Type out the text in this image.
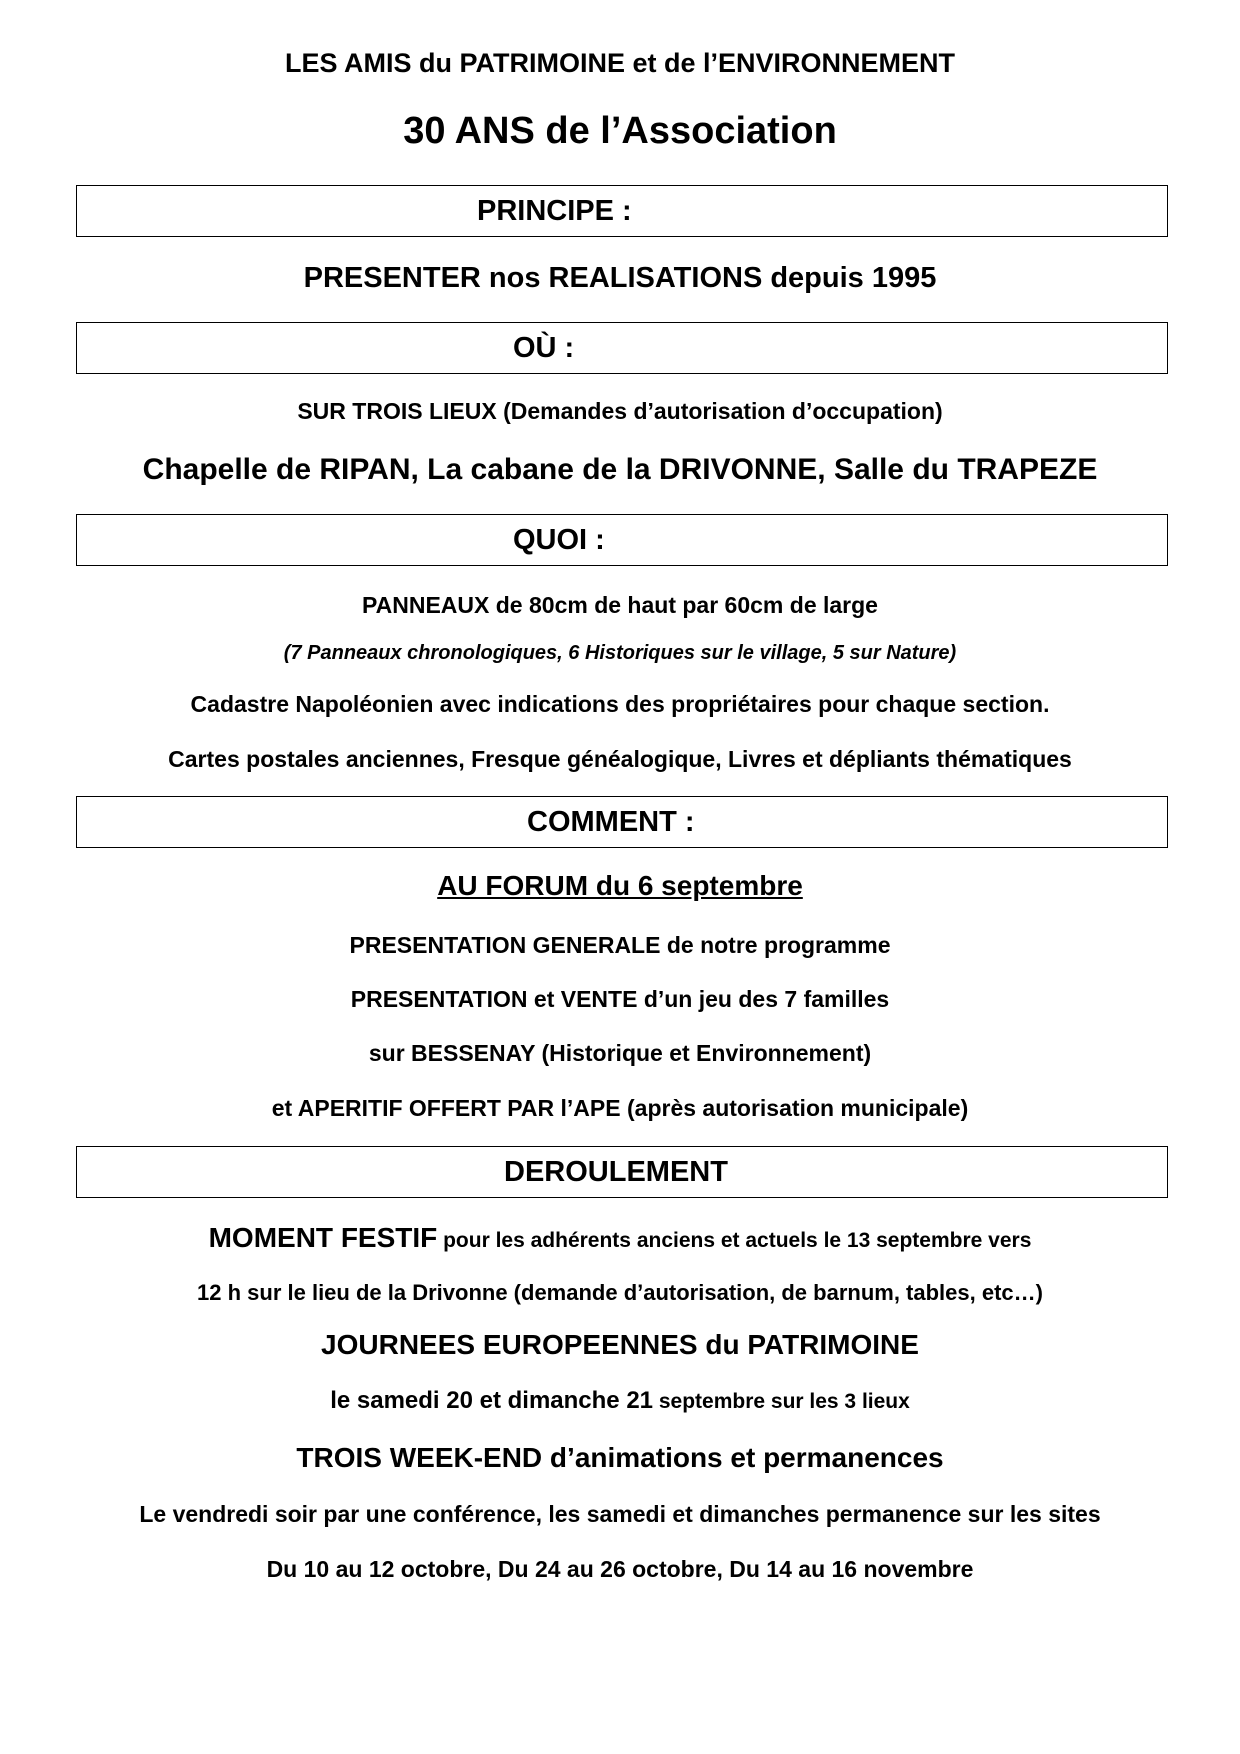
LES AMIS du PATRIMOINE et de l’ENVIRONNEMENT
30 ANS de l’Association
PRINCIPE :
PRESENTER nos REALISATIONS depuis 1995
OÙ :
SUR TROIS LIEUX (Demandes d’autorisation d’occupation)
Chapelle de RIPAN, La cabane de la DRIVONNE, Salle du TRAPEZE
QUOI :
PANNEAUX de 80cm de haut par 60cm de large
(7 Panneaux chronologiques, 6 Historiques sur le village, 5 sur Nature)
Cadastre Napoléonien avec indications des propriétaires pour chaque section.
Cartes postales anciennes, Fresque généalogique, Livres et dépliants thématiques
COMMENT :
AU FORUM du 6 septembre
PRESENTATION GENERALE de notre programme
PRESENTATION et VENTE d’un jeu des 7 familles
sur BESSENAY (Historique et Environnement)
et APERITIF OFFERT PAR l’APE (après autorisation municipale)
DEROULEMENT
MOMENT FESTIF pour les adhérents anciens et actuels le 13 septembre vers
12 h sur le lieu de la Drivonne (demande d’autorisation, de barnum, tables, etc…)
JOURNEES EUROPEENNES du PATRIMOINE
le samedi 20 et dimanche 21 septembre sur les 3 lieux
TROIS WEEK-END d’animations et permanences
Le vendredi soir par une conférence, les samedi et dimanches permanence sur les sites
Du 10 au 12 octobre, Du 24 au 26 octobre, Du 14 au 16 novembre
